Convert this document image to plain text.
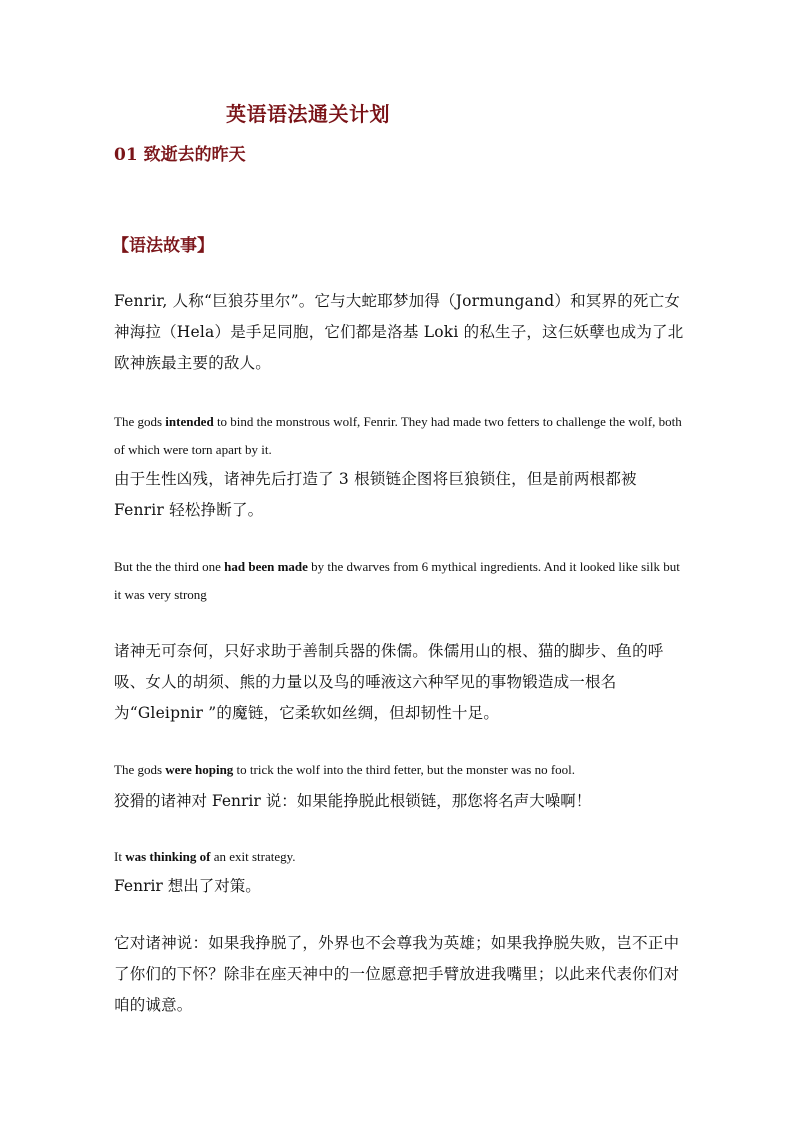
英语语法通关计划
01 致逝去的昨天
【语法故事】

Fenrir, 人称“巨狼芬里尔”。它与大蛇耶梦加得（Jormungand）和冥界的死亡女神海拉（Hela）是手足同胞，它们都是洛基 Loki 的私生子，这仨妖孽也成为了北欧神族最主要的敌人。

The gods intended to bind the monstrous wolf, Fenrir. They had made two fetters to challenge the wolf, both of which were torn apart by it.

由于生性凶残，诸神先后打造了 3 根锁链企图将巨狼锁住，但是前两根都被 Fenrir 轻松挣断了。

But the the third one had been made by the dwarves from 6 mythical ingredients. And it looked like silk but it was very strong

诸神无可奈何，只好求助于善制兵器的侏儒。侏儒用山的根、猫的脚步、鱼的呼吸、女人的胡须、熊的力量以及鸟的唾液这六种罕见的事物锻造成一根名为“Gleipnir ”的魔链，它柔软如丝绸，但却韧性十足。

The gods were hoping to trick the wolf into the third fetter, but the monster was no fool.

狡猾的诸神对 Fenrir 说：如果能挣脱此根锁链，那您将名声大噪啊！

It was thinking of an exit strategy.

Fenrir 想出了对策。

它对诸神说：如果我挣脱了，外界也不会尊我为英雄；如果我挣脱失败，岂不正中了你们的下怀？除非在座天神中的一位愿意把手臂放进我嘴里；以此来代表你们对咱的诚意。
